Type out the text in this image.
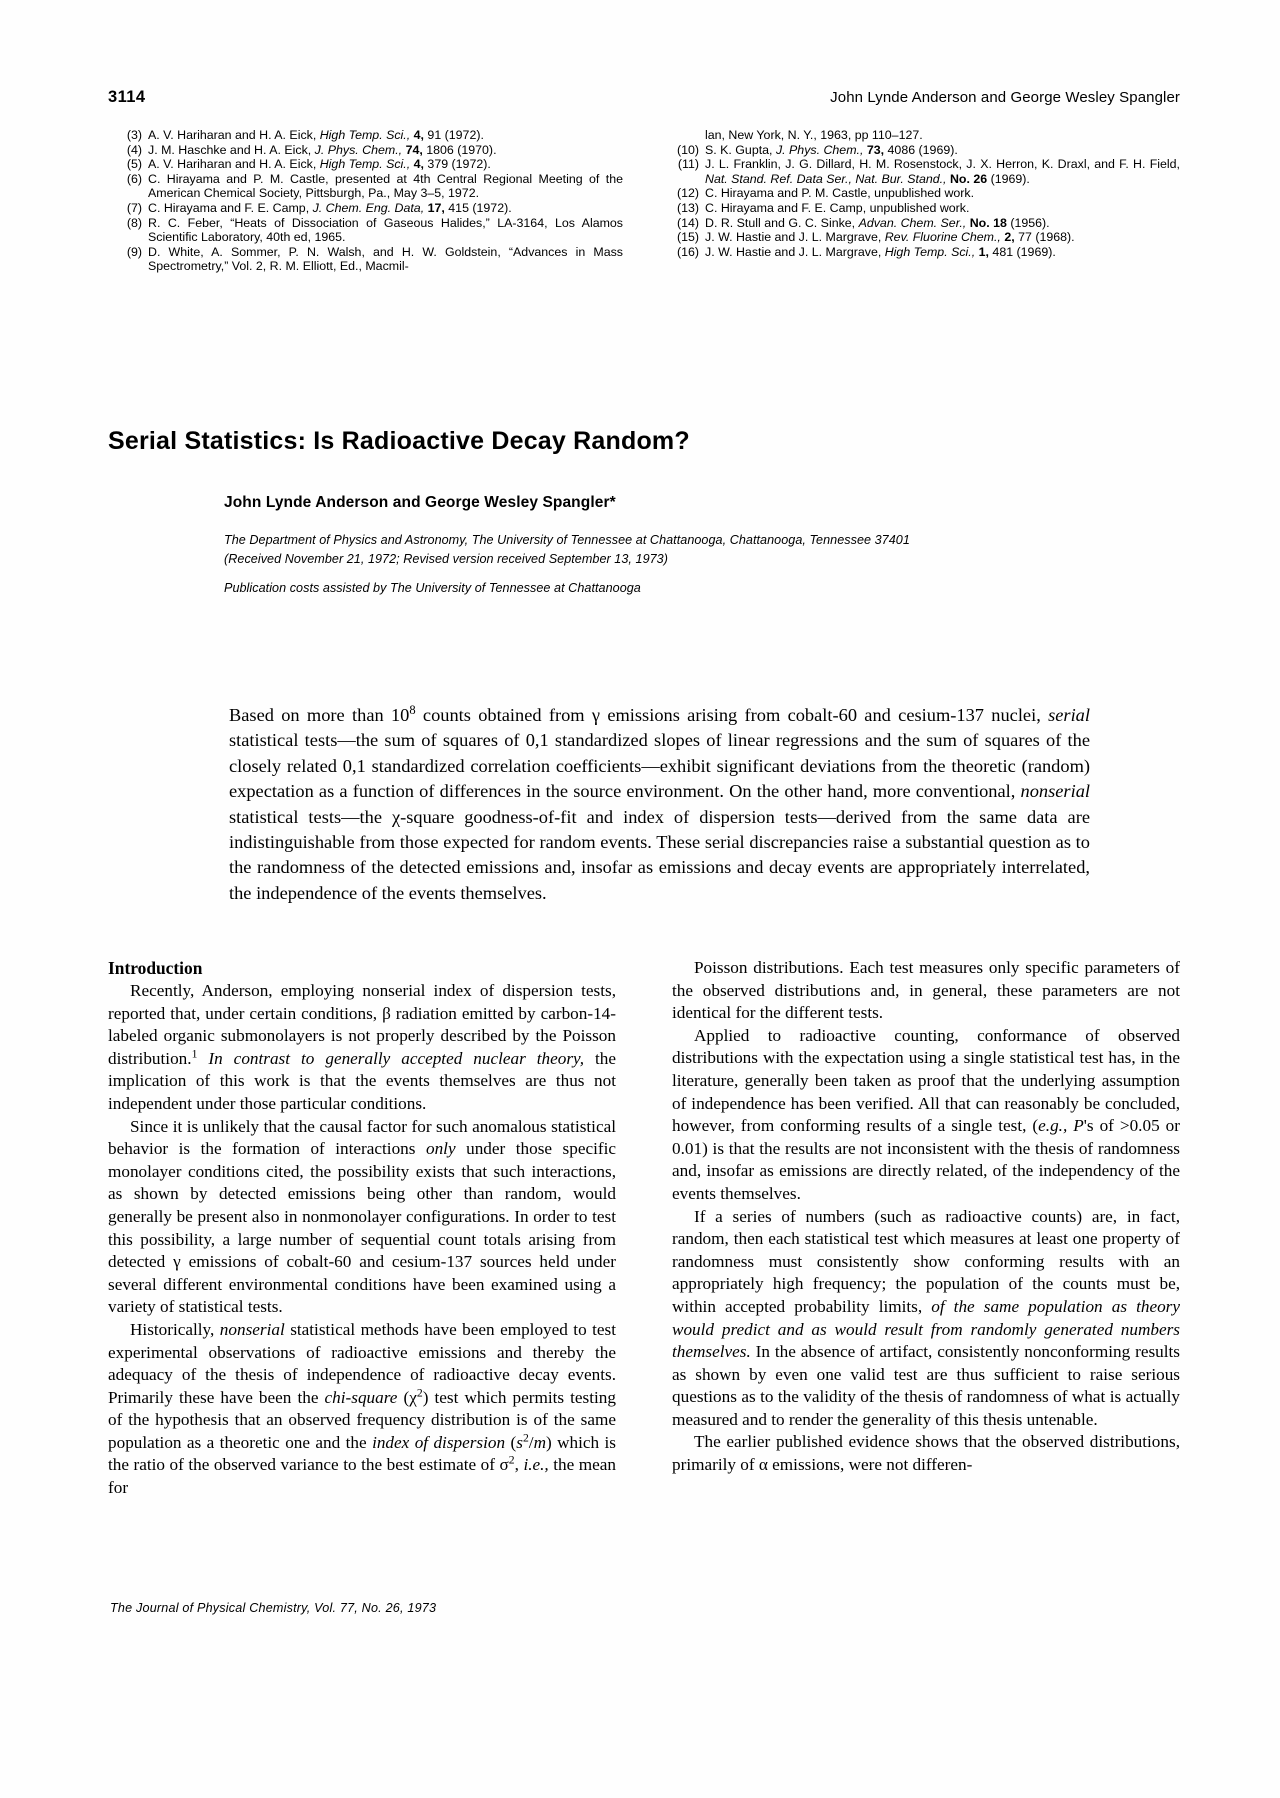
3114	John Lynde Anderson and George Wesley Spangler
(3) A. V. Hariharan and H. A. Eick, High Temp. Sci., 4, 91 (1972).
(4) J. M. Haschke and H. A. Eick, J. Phys. Chem., 74, 1806 (1970).
(5) A. V. Hariharan and H. A. Eick, High Temp. Sci., 4, 379 (1972).
(6) C. Hirayama and P. M. Castle, presented at 4th Central Regional Meeting of the American Chemical Society, Pittsburgh, Pa., May 3–5, 1972.
(7) C. Hirayama and F. E. Camp, J. Chem. Eng. Data, 17, 415 (1972).
(8) R. C. Feber, “Heats of Dissociation of Gaseous Halides,” LA-3164, Los Alamos Scientific Laboratory, 40th ed, 1965.
(9) D. White, A. Sommer, P. N. Walsh, and H. W. Goldstein, “Advances in Mass Spectrometry,” Vol. 2, R. M. Elliott, Ed., Macmil-
lan, New York, N. Y., 1963, pp 110–127.
(10) S. K. Gupta, J. Phys. Chem., 73, 4086 (1969).
(11) J. L. Franklin, J. G. Dillard, H. M. Rosenstock, J. X. Herron, K. Draxl, and F. H. Field, Nat. Stand. Ref. Data Ser., Nat. Bur. Stand., No. 26 (1969).
(12) C. Hirayama and P. M. Castle, unpublished work.
(13) C. Hirayama and F. E. Camp, unpublished work.
(14) D. R. Stull and G. C. Sinke, Advan. Chem. Ser., No. 18 (1956).
(15) J. W. Hastie and J. L. Margrave, Rev. Fluorine Chem., 2, 77 (1968).
(16) J. W. Hastie and J. L. Margrave, High Temp. Sci., 1, 481 (1969).
Serial Statistics: Is Radioactive Decay Random?
John Lynde Anderson and George Wesley Spangler*
The Department of Physics and Astronomy, The University of Tennessee at Chattanooga, Chattanooga, Tennessee 37401
(Received November 21, 1972; Revised version received September 13, 1973)
Publication costs assisted by The University of Tennessee at Chattanooga
Based on more than $10^8$ counts obtained from γ emissions arising from cobalt-60 and cesium-137 nuclei, serial statistical tests—the sum of squares of 0,1 standardized slopes of linear regressions and the sum of squares of the closely related 0,1 standardized correlation coefficients—exhibit significant deviations from the theoretic (random) expectation as a function of differences in the source environment. On the other hand, more conventional, nonserial statistical tests—the χ-square goodness-of-fit and index of dispersion tests—derived from the same data are indistinguishable from those expected for random events. These serial discrepancies raise a substantial question as to the randomness of the detected emissions and, insofar as emissions and decay events are appropriately interrelated, the independence of the events themselves.
Introduction

Recently, Anderson, employing nonserial index of dispersion tests, reported that, under certain conditions, β radiation emitted by carbon-14-labeled organic submonolayers is not properly described by the Poisson distribution.$^1$ In contrast to generally accepted nuclear theory, the implication of this work is that the events themselves are thus not independent under those particular conditions.

Since it is unlikely that the causal factor for such anomalous statistical behavior is the formation of interactions only under those specific monolayer conditions cited, the possibility exists that such interactions, as shown by detected emissions being other than random, would generally be present also in nonmonolayer configurations. In order to test this possibility, a large number of sequential count totals arising from detected γ emissions of cobalt-60 and cesium-137 sources held under several different environmental conditions have been examined using a variety of statistical tests.

Historically, nonserial statistical methods have been employed to test experimental observations of radioactive emissions and thereby the adequacy of the thesis of independence of radioactive decay events. Primarily these have been the chi-square $(\chi^2)$ test which permits testing of the hypothesis that an observed frequency distribution is of the same population as a theoretic one and the index of dispersion $(s^2/m)$ which is the ratio of the observed variance to the best estimate of $\sigma^2$, i.e., the mean for

Poisson distributions. Each test measures only specific parameters of the observed distributions and, in general, these parameters are not identical for the different tests.

Applied to radioactive counting, conformance of observed distributions with the expectation using a single statistical test has, in the literature, generally been taken as proof that the underlying assumption of independence has been verified. All that can reasonably be concluded, however, from conforming results of a single test, (e.g., P's of >0.05 or 0.01) is that the results are not inconsistent with the thesis of randomness and, insofar as emissions are directly related, of the independency of the events themselves.

If a series of numbers (such as radioactive counts) are, in fact, random, then each statistical test which measures at least one property of randomness must consistently show conforming results with an appropriately high frequency; the population of the counts must be, within accepted probability limits, of the same population as theory would predict and as would result from randomly generated numbers themselves. In the absence of artifact, consistently nonconforming results as shown by even one valid test are thus sufficient to raise serious questions as to the validity of the thesis of randomness of what is actually measured and to render the generality of this thesis untenable.

The earlier published evidence shows that the observed distributions, primarily of α emissions, were not differen-

The Journal of Physical Chemistry, Vol. 77, No. 26, 1973
